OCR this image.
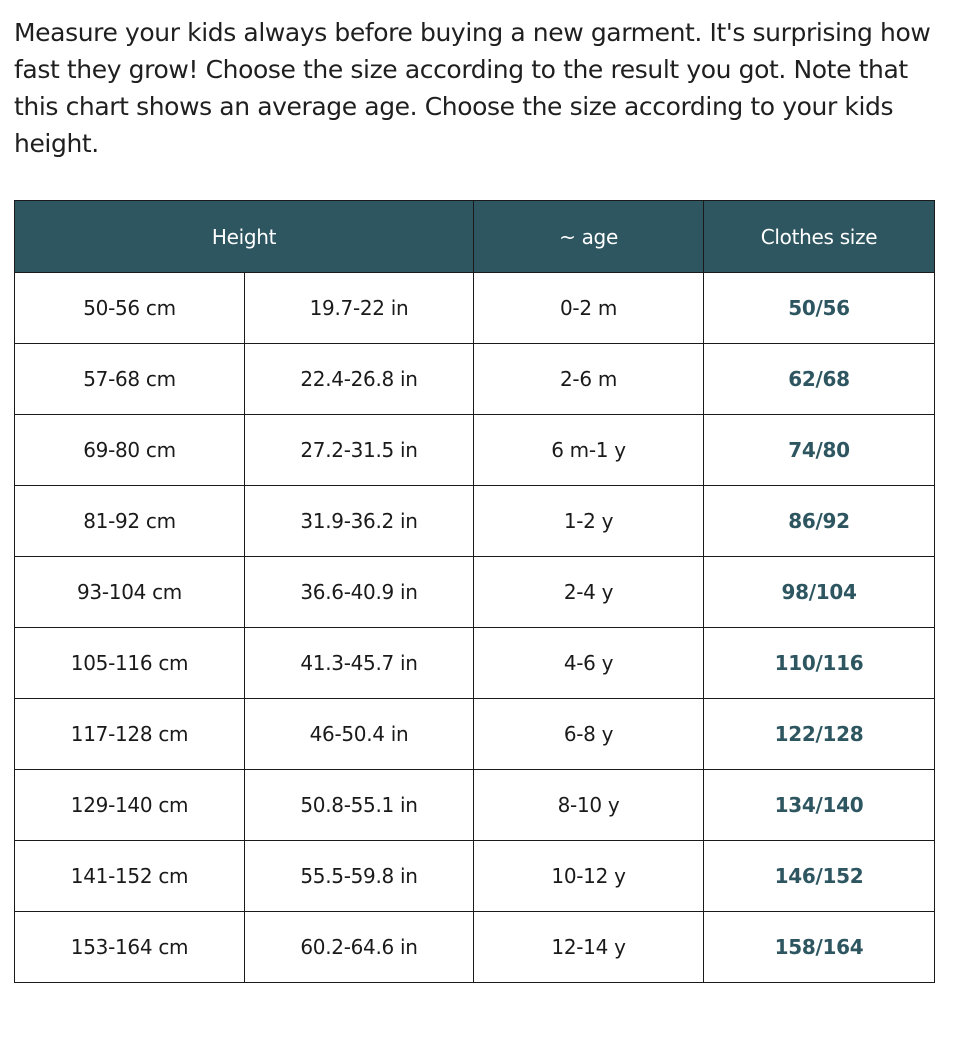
Measure your kids always before buying a new garment. It's surprising how fast they grow! Choose the size according to the result you got. Note that this chart shows an average age. Choose the size according to your kids height.

Height		~ age	Clothes size
50-56 cm	19.7-22 in	0-2 m	50/56
57-68 cm	22.4-26.8 in	2-6 m	62/68
69-80 cm	27.2-31.5 in	6 m-1 y	74/80
81-92 cm	31.9-36.2 in	1-2 y	86/92
93-104 cm	36.6-40.9 in	2-4 y	98/104
105-116 cm	41.3-45.7 in	4-6 y	110/116
117-128 cm	46-50.4 in	6-8 y	122/128
129-140 cm	50.8-55.1 in	8-10 y	134/140
141-152 cm	55.5-59.8 in	10-12 y	146/152
153-164 cm	60.2-64.6 in	12-14 y	158/164
